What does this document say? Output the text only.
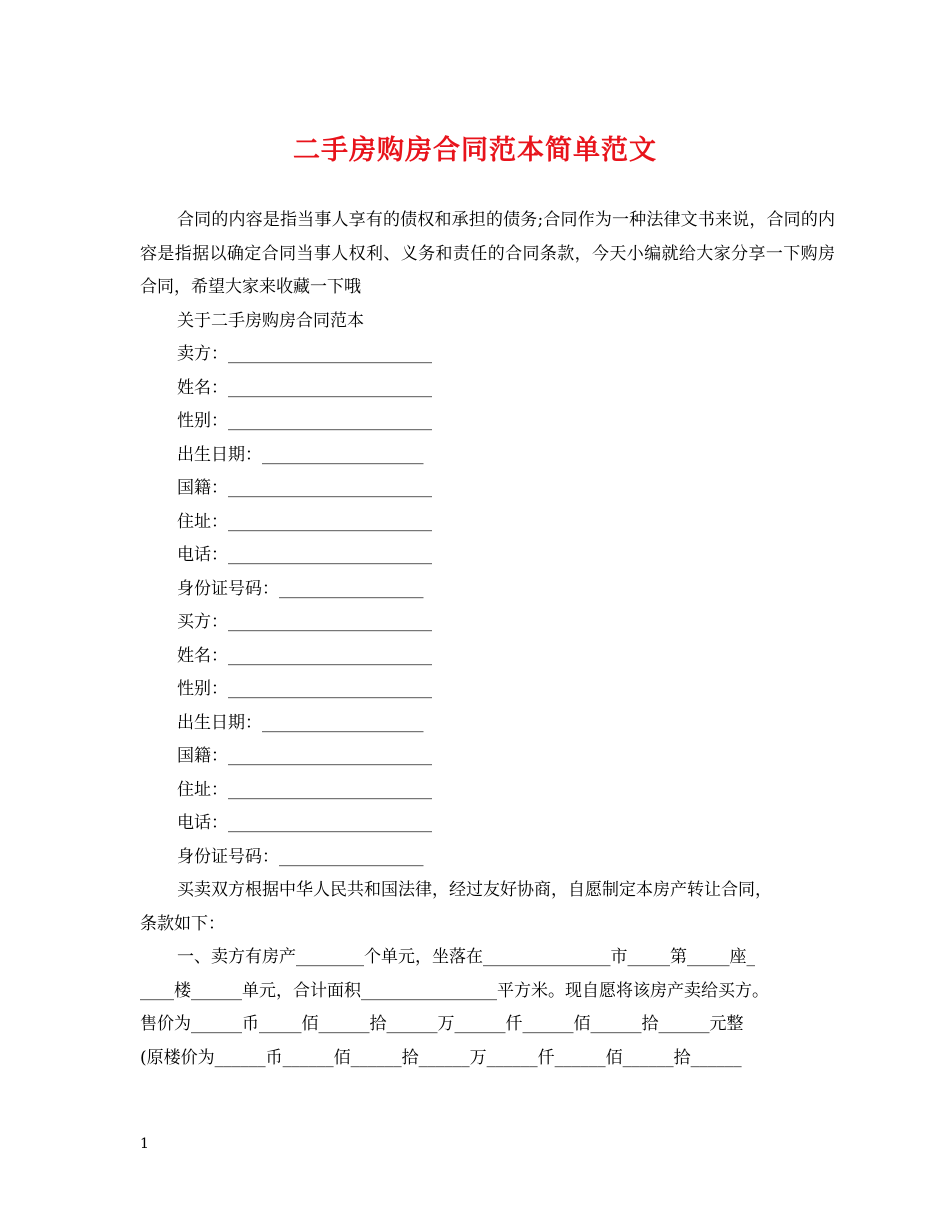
二手房购房合同范本简单范文

合同的内容是指当事人享有的债权和承担的债务;合同作为一种法律文书来说，合同的内容是指据以确定合同当事人权利、义务和责任的合同条款，今天小编就给大家分享一下购房合同，希望大家来收藏一下哦

关于二手房购房合同范本

卖方：________________________

姓名：________________________

性别：________________________

出生日期：___________________

国籍：________________________

住址：________________________

电话：________________________

身份证号码：_________________

买方：________________________

姓名：________________________

性别：________________________

出生日期：___________________

国籍：________________________

住址：________________________

电话：________________________

身份证号码：_________________

买卖双方根据中华人民共和国法律，经过友好协商，自愿制定本房产转让合同，

条款如下：

一、卖方有房产________个单元，坐落在_______________市_____第_____座_

____楼______单元，合计面积________________平方米。现自愿将该房产卖给买方。

售价为______币_____佰______拾______万______仟______佰______拾______元整

(原楼价为______币______佰______拾______万______仟______佰______拾______

1
